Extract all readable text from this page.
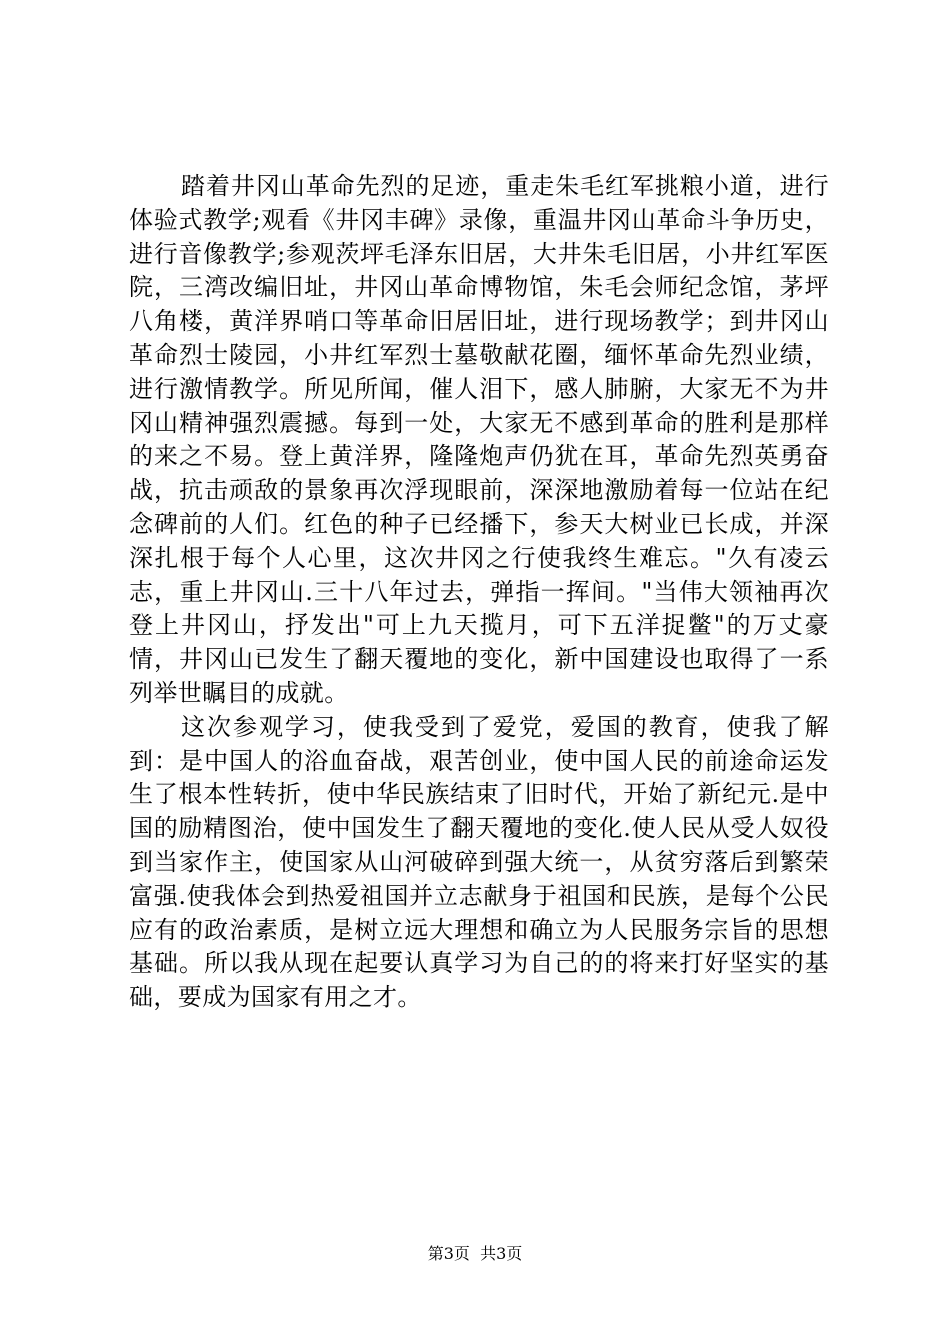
踏着井冈山革命先烈的足迹，重走朱毛红军挑粮小道，进行体验式教学;观看《井冈丰碑》录像，重温井冈山革命斗争历史，进行音像教学;参观茨坪毛泽东旧居，大井朱毛旧居，小井红军医院，三湾改编旧址，井冈山革命博物馆，朱毛会师纪念馆，茅坪八角楼，黄洋界哨口等革命旧居旧址，进行现场教学；到井冈山革命烈士陵园，小井红军烈士墓敬献花圈，缅怀革命先烈业绩，进行激情教学。所见所闻，催人泪下，感人肺腑，大家无不为井冈山精神强烈震撼。每到一处，大家无不感到革命的胜利是那样的来之不易。登上黄洋界，隆隆炮声仍犹在耳，革命先烈英勇奋战，抗击顽敌的景象再次浮现眼前，深深地激励着每一位站在纪念碑前的人们。红色的种子已经播下，参天大树业已长成，并深深扎根于每个人心里，这次井冈之行使我终生难忘。"久有凌云志，重上井冈山.三十八年过去，弹指一挥间。"当伟大领袖再次登上井冈山，抒发出"可上九天揽月，可下五洋捉鳖"的万丈豪情，井冈山已发生了翻天覆地的变化，新中国建设也取得了一系列举世瞩目的成就。

这次参观学习，使我受到了爱党，爱国的教育，使我了解到：是中国人的浴血奋战，艰苦创业，使中国人民的前途命运发生了根本性转折，使中华民族结束了旧时代，开始了新纪元.是中国的励精图治，使中国发生了翻天覆地的变化.使人民从受人奴役到当家作主，使国家从山河破碎到强大统一，从贫穷落后到繁荣富强.使我体会到热爱祖国并立志献身于祖国和民族，是每个公民应有的政治素质，是树立远大理想和确立为人民服务宗旨的思想基础。所以我从现在起要认真学习为自己的的将来打好坚实的基础，要成为国家有用之才。

第3页  共3页
